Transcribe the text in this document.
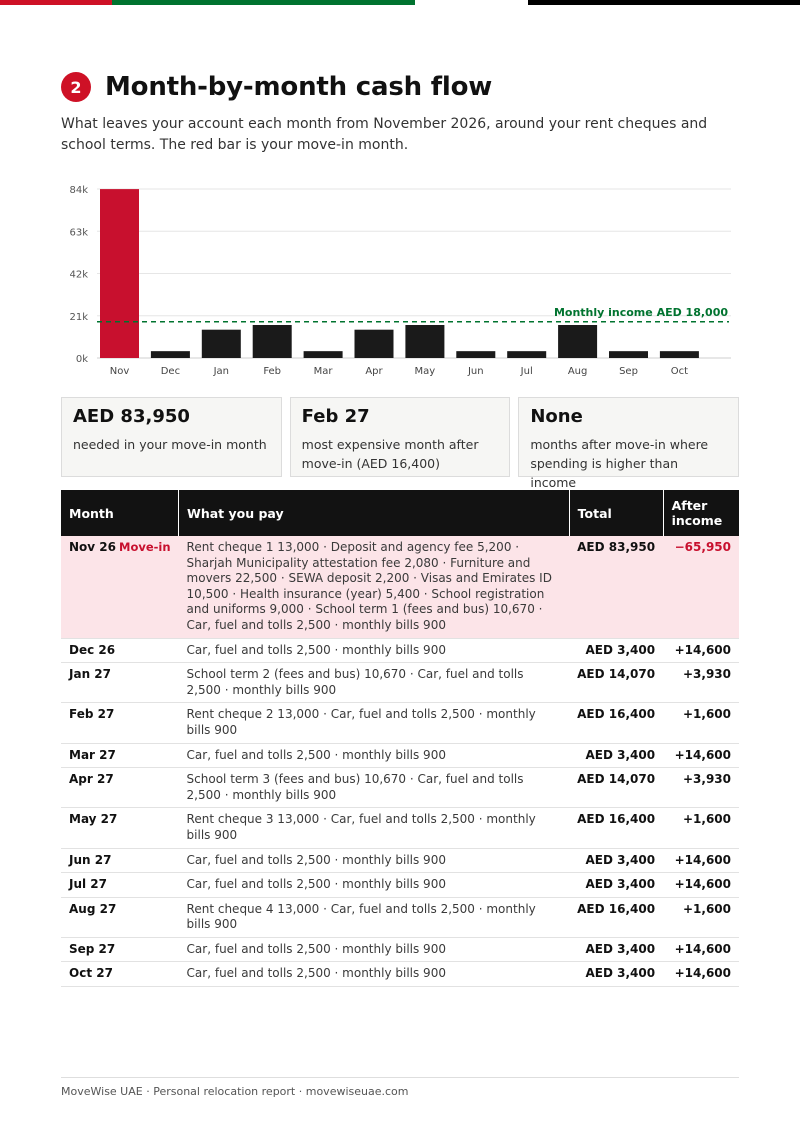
2 Month-by-month cash flow

What leaves your account each month from November 2026, around your rent cheques and school terms. The red bar is your move-in month.

0k
21k
42k
63k
84k
Nov	Dec	Jan	Feb	Mar	Apr	May	Jun	Jul	Aug	Sep	Oct
Monthly income AED 18,000
AED 83,950
needed in your move-in month
Feb 27
most expensive month after move-in (AED 16,400)
None
months after move-in where spending is higher than income
Month	What you pay	Total	After income
Nov 26 Move-in	Rent cheque 1 13,000 · Deposit and agency fee 5,200 · Sharjah Municipality attestation fee 2,080 · Furniture and movers 22,500 · SEWA deposit 2,200 · Visas and Emirates ID 10,500 · Health insurance (year) 5,400 · School registration and uniforms 9,000 · School term 1 (fees and bus) 10,670 · Car, fuel and tolls 2,500 · monthly bills 900	AED 83,950	−65,950
Dec 26	Car, fuel and tolls 2,500 · monthly bills 900	AED 3,400	+14,600
Jan 27	School term 2 (fees and bus) 10,670 · Car, fuel and tolls 2,500 · monthly bills 900	AED 14,070	+3,930
Feb 27	Rent cheque 2 13,000 · Car, fuel and tolls 2,500 · monthly bills 900	AED 16,400	+1,600
Mar 27	Car, fuel and tolls 2,500 · monthly bills 900	AED 3,400	+14,600
Apr 27	School term 3 (fees and bus) 10,670 · Car, fuel and tolls 2,500 · monthly bills 900	AED 14,070	+3,930
May 27	Rent cheque 3 13,000 · Car, fuel and tolls 2,500 · monthly bills 900	AED 16,400	+1,600
Jun 27	Car, fuel and tolls 2,500 · monthly bills 900	AED 3,400	+14,600
Jul 27	Car, fuel and tolls 2,500 · monthly bills 900	AED 3,400	+14,600
Aug 27	Rent cheque 4 13,000 · Car, fuel and tolls 2,500 · monthly bills 900	AED 16,400	+1,600
Sep 27	Car, fuel and tolls 2,500 · monthly bills 900	AED 3,400	+14,600
Oct 27	Car, fuel and tolls 2,500 · monthly bills 900	AED 3,400	+14,600
MoveWise UAE · Personal relocation report · movewiseuae.com
